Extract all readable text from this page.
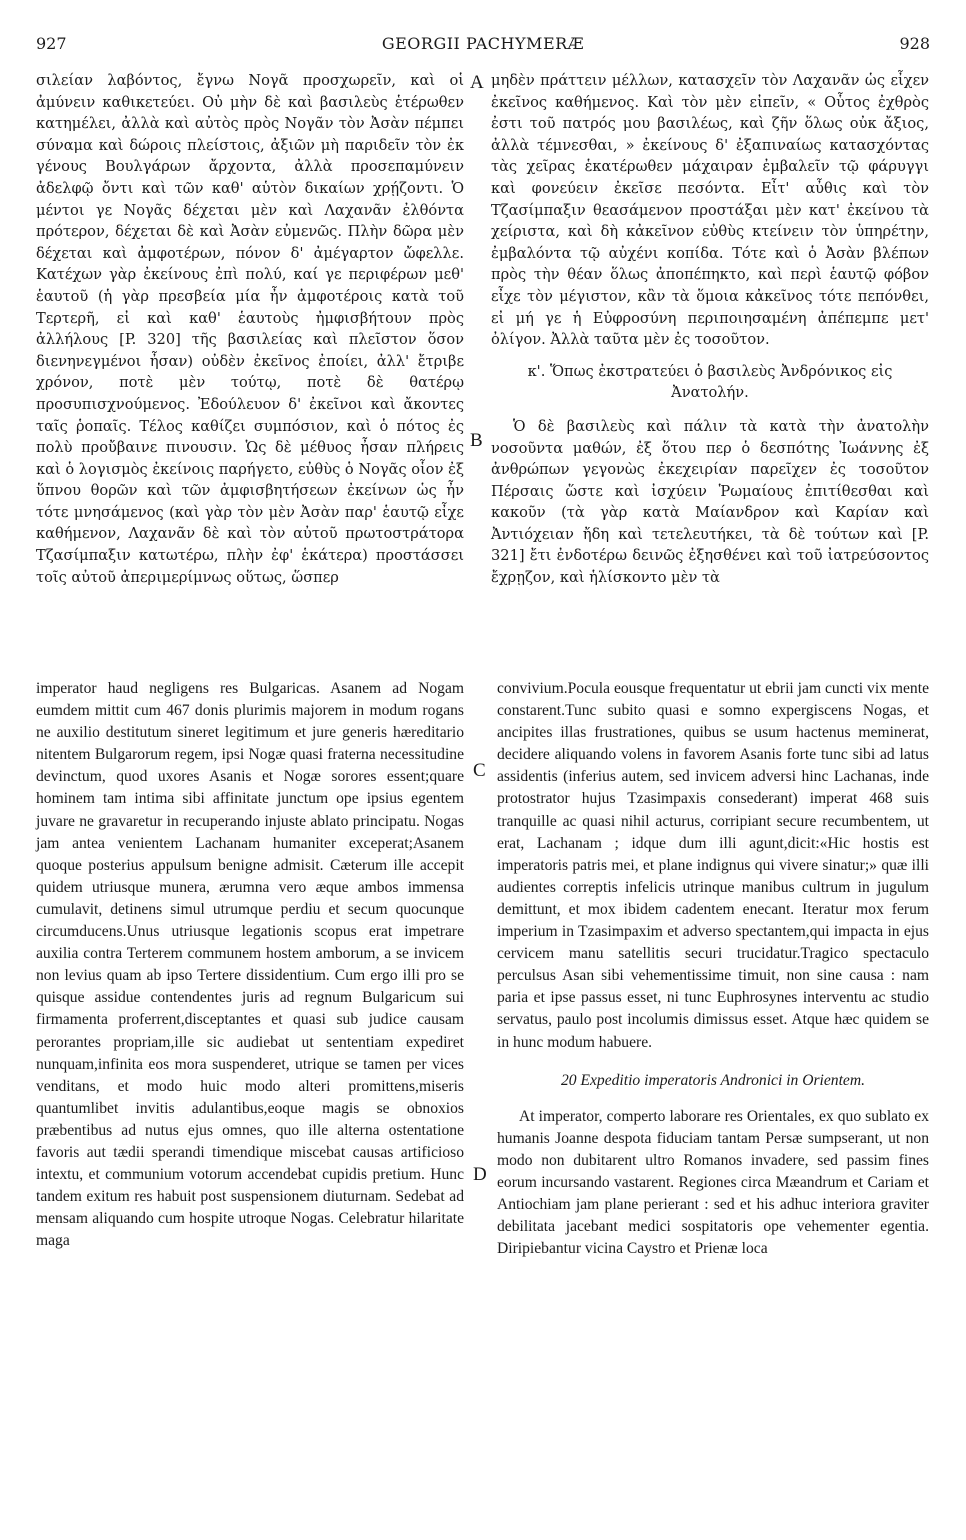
927	GEORGII PACHYMERÆ	928

σιλείαν λαβόντος, ἔγνω Νογᾶ προσχωρεῖν, καὶ οἱ ἀμύνειν καθικετεύει. Οὐ μὴν δὲ καὶ βασιλεὺς ἑτέρωθεν κατημέλει, ἀλλὰ καὶ αὐτὸς πρὸς Νογᾶν τὸν Ἀσὰν πέμπει σύναμα καὶ δώροις πλείστοις, ἀξιῶν μὴ παριδεῖν τὸν ἐκ γένους Βουλγάρων ἄρχοντα, ἀλλὰ προσεπαμύνειν ἀδελφῷ ὄντι καὶ τῶν καθ' αὑτὸν δικαίων χρῄζοντι. Ὁ μέντοι γε Νογᾶς δέχεται μὲν καὶ Λαχανᾶν ἐλθόντα πρότερον, δέχεται δὲ καὶ Ἀσὰν εὐμενῶς. Πλὴν δῶρα μὲν δέχεται καὶ ἀμφοτέρων, πόνον δ' ἀμέγαρτον ὤφελλε. Κατέχων γὰρ ἐκείνους ἐπὶ πολύ, καί γε περιφέρων μεθ' ἑαυτοῦ (ἡ γὰρ πρεσβεία μία ἦν ἀμφοτέροις κατὰ τοῦ Τερτερῆ, εἰ καὶ καθ' ἑαυτοὺς ἠμφισβήτουν πρὸς ἀλλήλους [P. 320] τῆς βασιλείας καὶ πλεῖστον ὅσον διενηνεγμένοι ἦσαν) οὐδὲν ἐκεῖνος ἐποίει, ἀλλ' ἔτριβε χρόνον, ποτὲ μὲν τούτῳ, ποτὲ δὲ θατέρῳ προσυπισχνούμενος. Ἐδούλευον δ' ἐκεῖνοι καὶ ἄκοντες ταῖς ῥοπαῖς. Τέλος καθίζει συμπόσιον, καὶ ὁ πότος ἐς πολὺ προὔβαινε πινουσιν. Ὡς δὲ μέθυος ἦσαν πλήρεις καὶ ὁ λογισμὸς ἐκείνοις παρήγετο, εὐθὺς ὁ Νογᾶς οἷον ἐξ ὕπνου θορῶν καὶ τῶν ἀμφισβητήσεων ἐκείνων ὡς ἦν τότε μνησάμενος (καὶ γὰρ τὸν μὲν Ἀσὰν παρ' ἑαυτῷ εἶχε καθήμενον, Λαχανᾶν δὲ καὶ τὸν αὐτοῦ πρωτοστράτορα Τζασίμπαξιν κατωτέρω, πλὴν ἐφ' ἑκάτερα) προστάσσει τοῖς αὐτοῦ ἀπεριμερίμνως οὕτως, ὥσπερ

μηδὲν πράττειν μέλλων, κατασχεῖν τὸν Λαχανᾶν ὡς εἶχεν ἐκεῖνος καθήμενος. Καὶ τὸν μὲν εἰπεῖν, « Οὗτος ἐχθρὸς ἐστι τοῦ πατρός μου βασιλέως, καὶ ζῆν ὅλως οὐκ ἄξιος, ἀλλὰ τέμνεσθαι, » ἐκείνους δ' ἐξαπιναίως κατασχόντας τὰς χεῖρας ἑκατέρωθεν μάχαιραν ἐμβαλεῖν τῷ φάρυγγι καὶ φονεύειν ἐκεῖσε πεσόντα. Εἶτ' αὖθις καὶ τὸν Τζασίμπαξιν θεασάμενον προστάξαι μὲν κατ' ἐκείνου τὰ χείριστα, καὶ δὴ κἀκεῖνον εὐθὺς κτείνειν τὸν ὑπηρέτην, ἐμβαλόντα τῷ αὐχένι κοπίδα. Τότε καὶ ὁ Ἀσὰν βλέπων πρὸς τὴν θέαν ὅλως ἀποπέπηκτο, καὶ περὶ ἑαυτῷ φόβον εἶχε τὸν μέγιστον, κἂν τὰ ὅμοια κἀκεῖνος τότε πεπόνθει, εἰ μή γε ἡ Εὐφροσύνη περιποιησαμένη ἀπέπεμπε μετ' ὀλίγον. Ἀλλὰ ταῦτα μὲν ἐς τοσοῦτον.

κ'. Ὅπως ἐκστρατεύει ὁ βασιλεὺς Ἀνδρόνικος εἰς Ἀνατολήν.

Ὁ δὲ βασιλεὺς καὶ πάλιν τὰ κατὰ τὴν ἀνατολὴν νοσοῦντα μαθών, ἐξ ὅτου περ ὁ δεσπότης Ἰωάννης ἐξ ἀνθρώπων γεγονὼς ἐκεχειρίαν παρεῖχεν ἐς τοσοῦτον Πέρσαις ὥστε καὶ ἰσχύειν Ῥωμαίους ἐπιτίθεσθαι καὶ κακοῦν (τὰ γὰρ κατὰ Μαίανδρον καὶ Καρίαν καὶ Ἀντιόχειαν ἤδη καὶ τετελευτήκει, τὰ δὲ τούτων καὶ [P. 321] ἔτι ἐνδοτέρω δεινῶς ἐξησθένει καὶ τοῦ ἰατρεύσοντος ἔχρῃζον, καὶ ἡλίσκοντο μὲν τὰ

imperator haud negligens res Bulgaricas. Asanem ad Nogam eumdem mittit cum 467 donis plurimis majorem in modum rogans ne auxilio destitutum sineret legitimum et jure generis hæreditario nitentem Bulgarorum regem, ipsi Nogæ quasi fraterna necessitudine devinctum, quod uxores Asanis et Nogæ sorores essent;quare hominem tam intima sibi affinitate junctum ope ipsius egentem juvare ne gravaretur in recuperando injuste ablato principatu. Nogas jam antea venientem Lachanam humaniter exceperat;Asanem quoque posterius appulsum benigne admisit. Cæterum ille accepit quidem utriusque munera, ærumna vero æque ambos immensa cumulavit, detinens simul utrumque perdiu et secum quocunque circumducens.Unus utriusque legationis scopus erat impetrare auxilia contra Terterem communem hostem amborum, a se invicem non levius quam ab ipso Tertere dissidentium. Cum ergo illi pro se quisque assidue contendentes juris ad regnum Bulgaricum sui firmamenta proferrent,disceptantes et quasi sub judice causam perorantes propriam,ille sic audiebat ut sententiam expediret nunquam,infinita eos mora suspenderet, utrique se tamen per vices venditans, et modo huic modo alteri promittens,miseris quantumlibet invitis adulantibus,eoque magis se obnoxios præbentibus ad nutus ejus omnes, quo ille alterna ostentatione favoris aut tædii sperandi timendique miscebat causas artificioso intextu, et communium votorum accendebat cupidis pretium. Hunc tandem exitum res habuit post suspensionem diuturnam. Sedebat ad mensam aliquando cum hospite utroque Nogas. Celebratur hilaritate maga

convivium.Pocula eousque frequentatur ut ebrii jam cuncti vix mente constarent.Tunc subito quasi e somno expergiscens Nogas, et ancipites illas frustrationes, quibus se usum hactenus meminerat, decidere aliquando volens in favorem Asanis forte tunc sibi ad latus assidentis (inferius autem, sed invicem adversi hinc Lachanas, inde protostrator hujus Tzasimpaxis consederant) imperat 468 suis tranquille ac quasi nihil acturus, corripiant secure recumbentem, ut erat, Lachanam ; idque dum illi agunt,dicit:«Hic hostis est imperatoris patris mei, et plane indignus qui vivere sinatur;» quæ illi audientes correptis infelicis utrinque manibus cultrum in jugulum demittunt, et mox ibidem cadentem enecant. Iteratur mox ferum imperium in Tzasimpaxim et adverso spectantem,qui impacta in ejus cervicem manu satellitis securi trucidatur.Tragico spectaculo perculsus Asan sibi vehementissime timuit, non sine causa : nam paria et ipse passus esset, ni tunc Euphrosynes interventu ac studio servatus, paulo post incolumis dimissus esset. Atque hæc quidem se in hunc modum habuere.

20 Expeditio imperatoris Andronici in Orientem.

At imperator, comperto laborare res Orientales, ex quo sublato ex humanis Joanne despota fiduciam tantam Persæ sumpserant, ut non modo non dubitarent ultro Romanos invadere, sed passim fines eorum incursando vastarent. Regiones circa Mæandrum et Cariam et Antiochiam jam plane perierant : sed et his adhuc interiora graviter debilitata jacebant medici sospitatoris ope vehementer egentia. Diripiebantur vicina Caystro et Prienæ loca

A
B
C
D
